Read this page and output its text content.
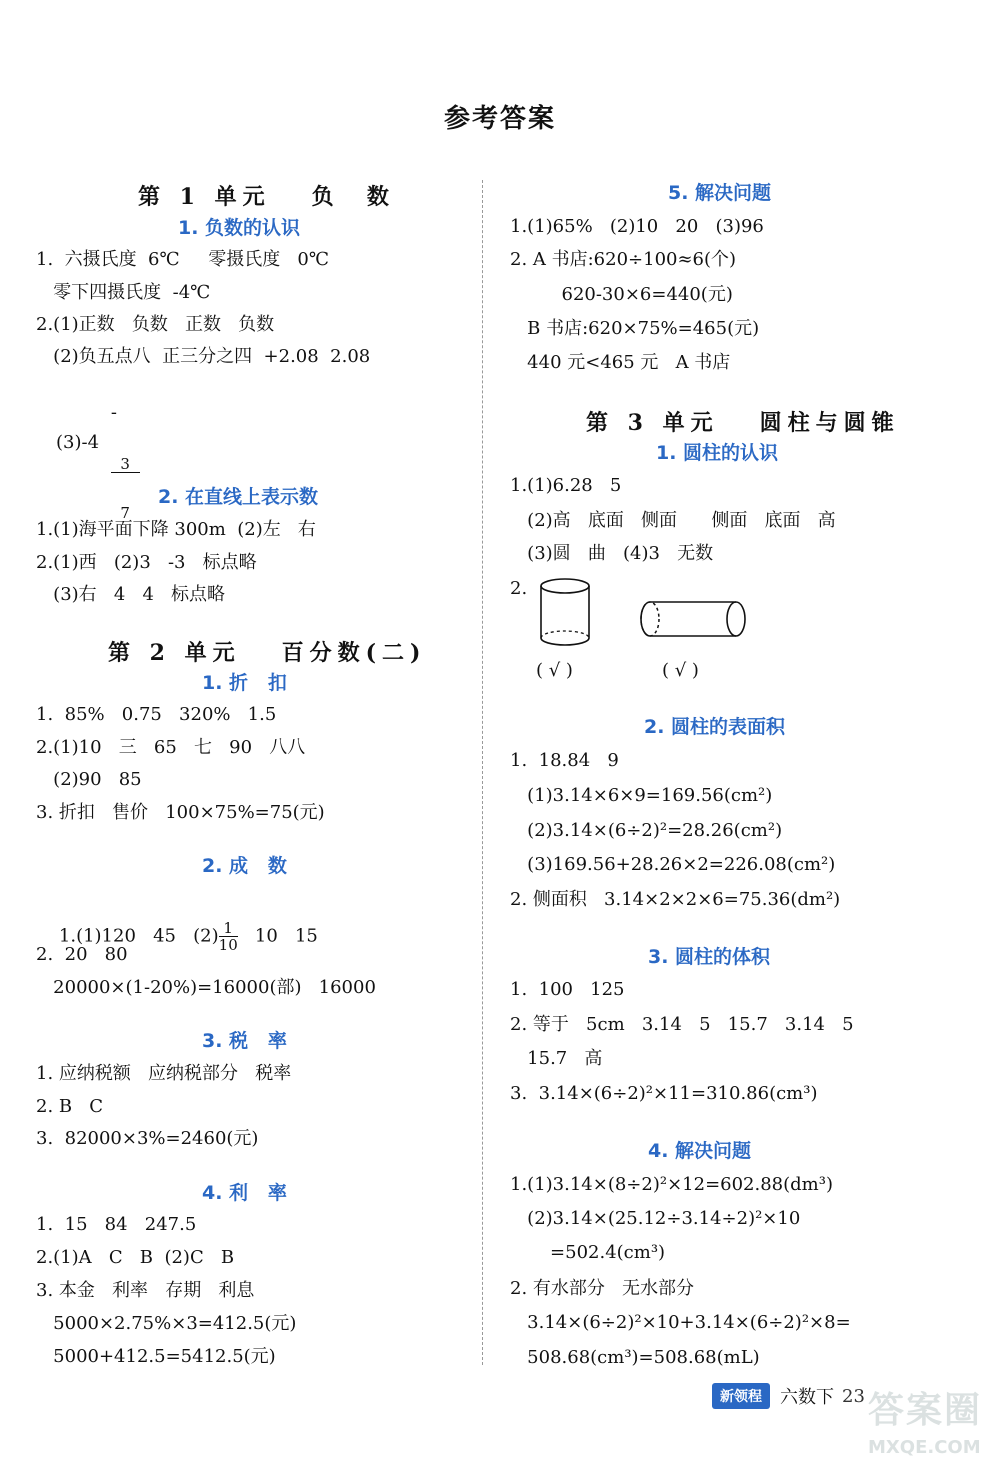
参考答案
第 1 单元   负  数
1. 负数的认识
1.  六摄氏度  6℃     零摄氏度   0℃
零下四摄氏度  -4℃
2.(1)正数   负数   正数   负数
(2)负五点八  正三分之四  +2.08  2.08

-

$\frac{3}{7}$

(3)-4
2. 在直线上表示数
1.(1)海平面下降 300m  (2)左   右
2.(1)西   (2)3   -3   标点略
(3)右   4   4   标点略
第 2 单元   百分数(二)
1. 折   扣
1.  85%   0.75   320%   1.5
2.(1)10   三   65   七   90   八八
(2)90   85
3. 折扣   售价   100×75%=75(元)
2. 成   数

1.(1)120   45   $(2) \frac{1}{10} 10$   15

2.  20   80
20000×(1-20%)=16000(部)   16000
3. 税   率
1. 应纳税额   应纳税部分   税率
2. B   C
3.  82000×3%=2460(元)
4. 利   率
1.  15   84   247.5
2.(1)A   C   B  (2)C   B
3. 本金   利率   存期   利息
5000×2.75%×3=412.5(元)
5000+412.5=5412.5(元)
5. 解决问题
1.(1)65%   (2)10   20   (3)96
2. A 书店:620÷100≈6(个)
620-30×6=440(元)
B 书店:620×75%=465(元)
440 元<465 元   A 书店
第 3 单元   圆柱与圆锥
1. 圆柱的认识
1.(1)6.28   5
(2)高   底面   侧面      侧面   底面   高
(3)圆   曲   (4)3   无数
2.
( √ )	( √ )
2. 圆柱的表面积
1.  18.84   9
(1)3.14×6×9=169.56(cm²)
(2)3.14×(6÷2)²=28.26(cm²)
(3)169.56+28.26×2=226.08(cm²)
2. 侧面积   3.14×2×2×6=75.36(dm²)
3. 圆柱的体积
1.  100   125
2. 等于   5cm   3.14   5   15.7   3.14   5
15.7   高
3.  3.14×(6÷2)²×11=310.86(cm³)
4. 解决问题
1.(1)3.14×(8÷2)²×12=602.88(dm³)
(2)3.14×(25.12÷3.14÷2)²×10
=502.4(cm³)
2. 有水部分   无水部分
3.14×(6÷2)²×10+3.14×(6÷2)²×8=
508.68(cm³)=508.68(mL)
新领程	六数下 23 答案圈
MXQE.COM
